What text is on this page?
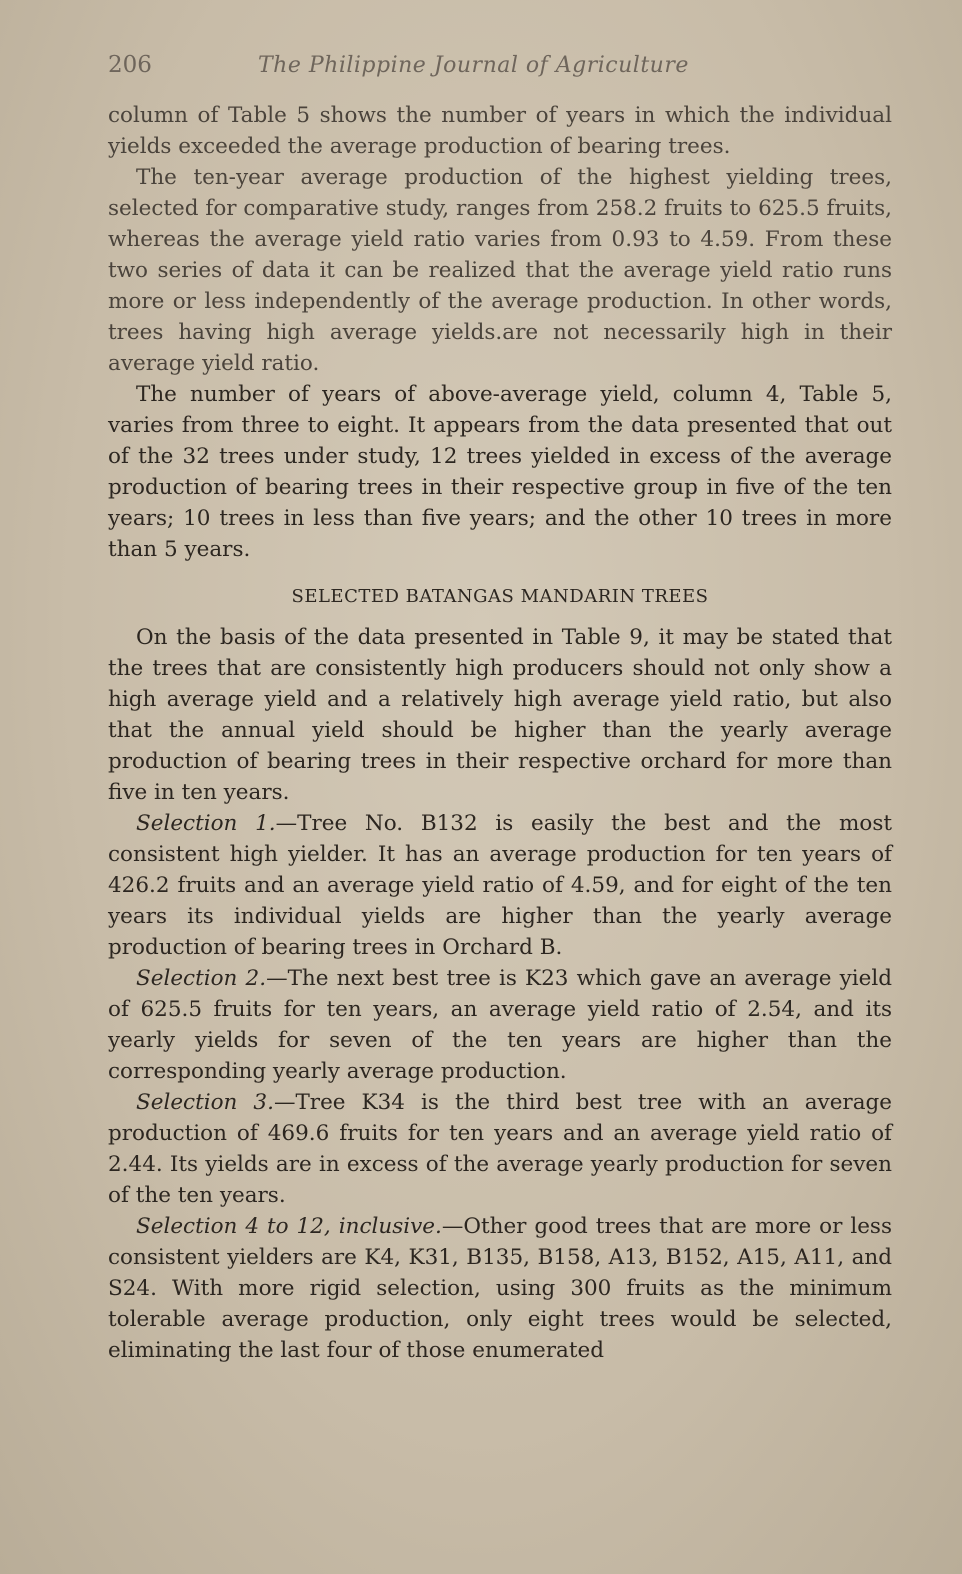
206	The Philippine Journal of Agriculture

column of Table 5 shows the number of years in which the individual yields exceeded the average production of bearing trees.

The ten-year average production of the highest yielding trees, selected for comparative study, ranges from 258.2 fruits to 625.5 fruits, whereas the average yield ratio varies from 0.93 to 4.59. From these two series of data it can be realized that the average yield ratio runs more or less independently of the average production. In other words, trees having high average yields.are not necessarily high in their average yield ratio.

The number of years of above-average yield, column 4, Table 5, varies from three to eight. It appears from the data presented that out of the 32 trees under study, 12 trees yielded in excess of the average production of bearing trees in their respective group in five of the ten years; 10 trees in less than five years; and the other 10 trees in more than 5 years.

SELECTED BATANGAS MANDARIN TREES

On the basis of the data presented in Table 9, it may be stated that the trees that are consistently high producers should not only show a high average yield and a relatively high average yield ratio, but also that the annual yield should be higher than the yearly average production of bearing trees in their respective orchard for more than five in ten years.

Selection 1.—Tree No. B132 is easily the best and the most consistent high yielder. It has an average production for ten years of 426.2 fruits and an average yield ratio of 4.59, and for eight of the ten years its individual yields are higher than the yearly average production of bearing trees in Orchard B.

Selection 2.—The next best tree is K23 which gave an average yield of 625.5 fruits for ten years, an average yield ratio of 2.54, and its yearly yields for seven of the ten years are higher than the corresponding yearly average production.

Selection 3.—Tree K34 is the third best tree with an average production of 469.6 fruits for ten years and an average yield ratio of 2.44. Its yields are in excess of the average yearly production for seven of the ten years.

Selection 4 to 12, inclusive.—Other good trees that are more or less consistent yielders are K4, K31, B135, B158, A13, B152, A15, A11, and S24. With more rigid selection, using 300 fruits as the minimum tolerable average production, only eight trees would be selected, eliminating the last four of those enumerated
